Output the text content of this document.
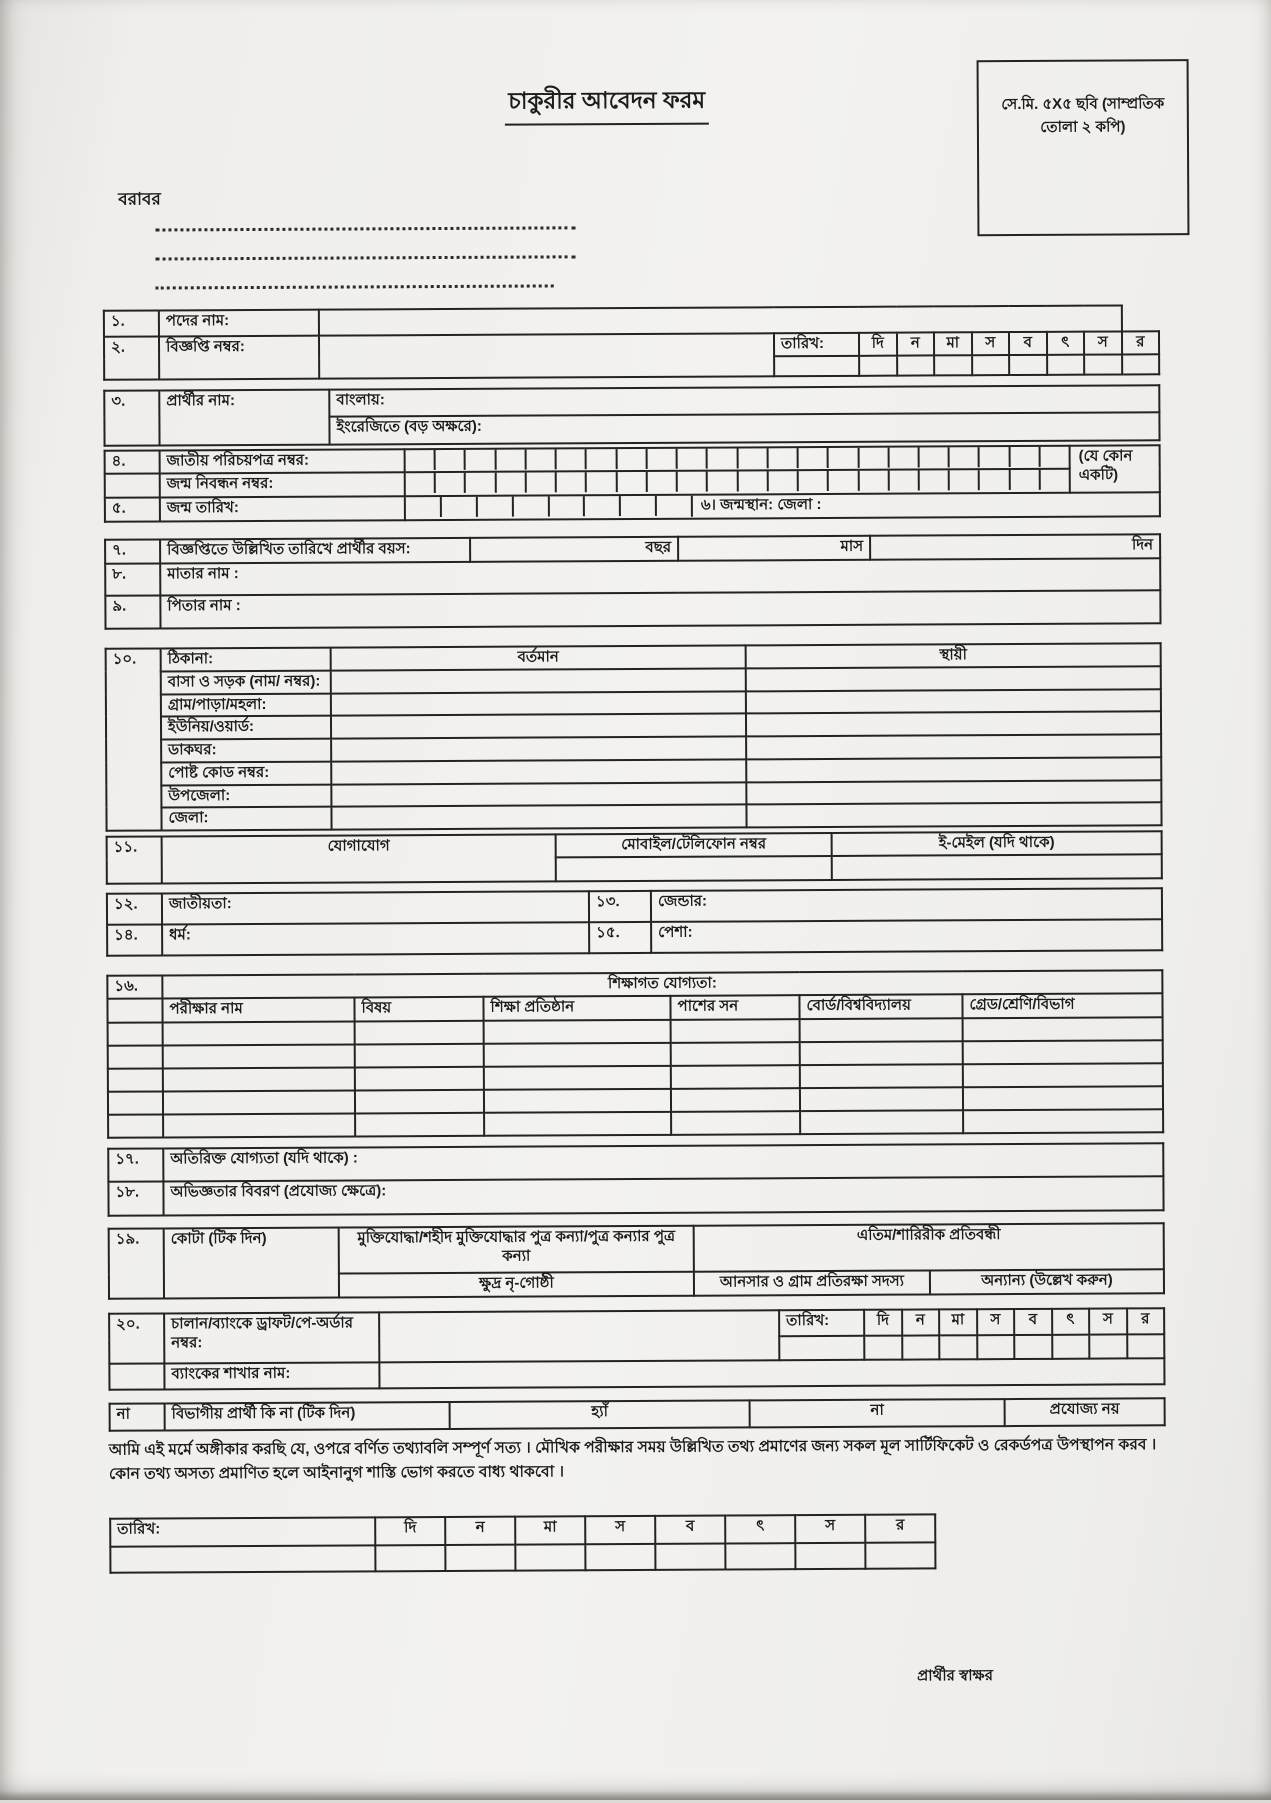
চাকুরীর আবেদন ফরম	সে.মি. ৫X৫ ছবি (সাম্প্রতিক তোলা ২ কপি)
বরাবর
১.	পদের নাম:										
২.	বিজ্ঞপ্তি নম্বর:		তারিখ:	দি	ন	মা	স	ব	ৎ	স	র

৩.	প্রার্থীর নাম:	বাংলায়:
ইংরেজিতে (বড় অক্ষরে):
৪.	জাতীয় পরিচয়পত্র নম্বর:		(যে কোন একটি)
	জন্ম নিবন্ধন নম্বর:		

৫.	জন্ম তারিখ:	৬। জন্মস্থান: জেলা :	
৭.	বিজ্ঞপ্তিতে উল্লিখিত তারিখে প্রার্থীর বয়স:	বছর	মাস	দিন
৮.	মাতার নাম :			
৯.	পিতার নাম :			
১০.	ঠিকানা:	বর্তমান	স্থায়ী
	বাসা ও সড়ক (নাম/ নম্বর):		
	গ্রাম/পাড়া/মহলা:		
	ইউনিয়/ওয়ার্ড:		
	ডাকঘর:		
	পোষ্ট কোড নম্বর:		
	উপজেলা:		
	জেলা:		
১১.	যোগাযোগ	মোবাইল/টেলিফোন নম্বর	ই-মেইল (যদি থাকে)

১২.	জাতীয়তা:	১৩.	জেন্ডার:
১৪.	ধর্ম:	১৫.	পেশা:
১৬.	শিক্ষাগত যোগ্যতা:					
	পরীক্ষার নাম	বিষয়	শিক্ষা প্রতিষ্ঠান	পাশের সন	বোর্ড/বিশ্ববিদ্যালয়	গ্রেড/শ্রেণি/বিভাগ

১৭.	অতিরিক্ত যোগ্যতা (যদি থাকে) :
১৮.	অভিজ্ঞতার বিবরণ (প্রযোজ্য ক্ষেত্রে):
১৯.	কোটা (টিক দিন)	মুক্তিযোদ্ধা/শহীদ মুক্তিযোদ্ধার পুত্র কন্যা/পুত্র কন্যার পুত্র কন্যা	এতিম/শারিরীক প্রতিবন্ধী	
		ক্ষুদ্র নৃ-গোষ্ঠী	আনসার ও গ্রাম প্রতিরক্ষা সদস্য	অন্যান্য (উল্লেখ করুন)
২০.	চালান/ব্যাংকে ড্রাফট/পে-অর্ডার নম্বর:		তারিখ:	দি	ন	মা	স	ব	ৎ	স	র

	ব্যাংকের শাখার নাম:										
না	বিভাগীয় প্রার্থী কি না (টিক দিন)	হ্যাঁ	না	প্রযোজ্য নয়
আমি এই মর্মে অঙ্গীকার করছি যে, ওপরে বর্ণিত তথ্যাবলি সম্পূর্ণ সত্য । মৌখিক পরীক্ষার সময় উল্লিখিত তথ্য প্রমাণের জন্য সকল মূল সার্টিফিকেট ও রেকর্ডপত্র উপস্থাপন করব । কোন তথ্য অসত্য প্রমাণিত হলে আইনানুগ শাস্তি ভোগ করতে বাধ্য থাকবো ।
তারিখ:	দি	ন	মা	স	ব	ৎ	স	র

প্রার্থীর স্বাক্ষর
